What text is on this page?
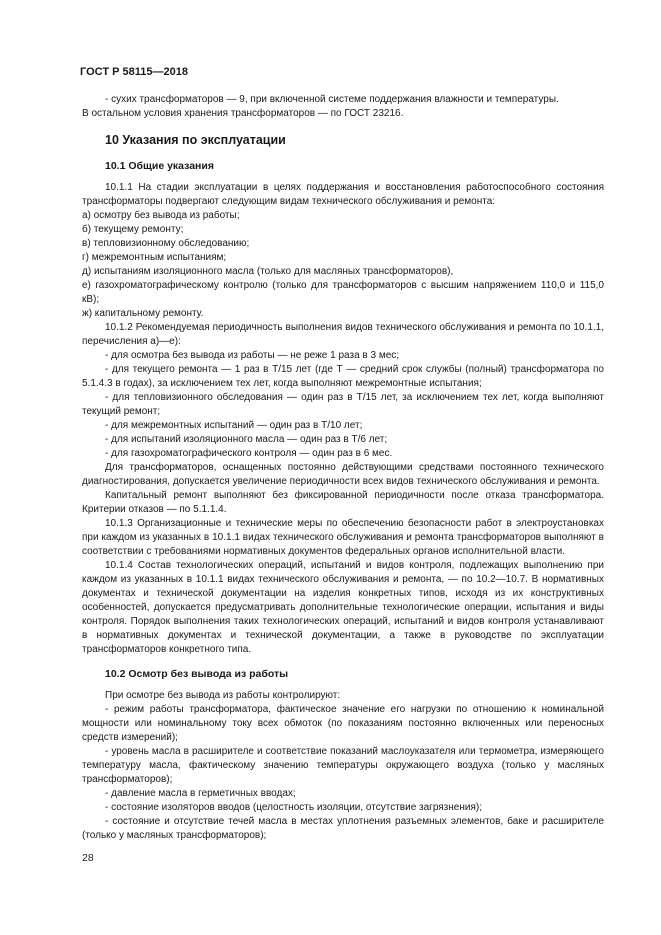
ГОСТ Р 58115—2018

- сухих трансформаторов — 9, при включенной системе поддержания влажности и температуры.

В остальном условия хранения трансформаторов — по ГОСТ 23216.

10 Указания по эксплуатации
10.1 Общие указания

10.1.1 На стадии эксплуатации в целях поддержания и восстановления работоспособного состояния трансформаторы подвергают следующим видам технического обслуживания и ремонта:

а) осмотру без вывода из работы;

б) текущему ремонту;

в) тепловизионному обследованию;

г) межремонтным испытаниям;

д) испытаниям изоляционного масла (только для масляных трансформаторов),

е) газохроматографическому контролю (только для трансформаторов с высшим напряжением 110,0 и 115,0 кВ);

ж) капитальному ремонту.

10.1.2 Рекомендуемая периодичность выполнения видов технического обслуживания и ремонта по 10.1.1, перечисления а)—е):

- для осмотра без вывода из работы — не реже 1 раза в 3 мес;

- для текущего ремонта — 1 раз в T/15 лет (где Т — средний срок службы (полный) трансформатора по 5.1.4.3 в годах), за исключением тех лет, когда выполняют межремонтные испытания;

- для тепловизионного обследования — один раз в T/15 лет, за исключением тех лет, когда выполняют текущий ремонт;

- для межремонтных испытаний — один раз в T/10 лет;

- для испытаний изоляционного масла — один раз в T/6 лет;

- для газохроматографического контроля — один раз в 6 мес.

Для трансформаторов, оснащенных постоянно действующими средствами постоянного технического диагностирования, допускается увеличение периодичности всех видов технического обслуживания и ремонта.

Капитальный ремонт выполняют без фиксированной периодичности после отказа трансформатора. Критерии отказов — по 5.1.1.4.

10.1.3 Организационные и технические меры по обеспечению безопасности работ в электроустановках при каждом из указанных в 10.1.1 видах технического обслуживания и ремонта трансформаторов выполняют в соответствии с требованиями нормативных документов федеральных органов исполнительной власти.

10.1.4 Состав технологических операций, испытаний и видов контроля, подлежащих выполнению при каждом из указанных в 10.1.1 видах технического обслуживания и ремонта, — по 10.2—10.7. В нормативных документах и технической документации на изделия конкретных типов, исходя из их конструктивных особенностей, допускается предусматривать дополнительные технологические операции, испытания и виды контроля. Порядок выполнения таких технологических операций, испытаний и видов контроля устанавливают в нормативных документах и технической документации, а также в руководстве по эксплуатации трансформаторов конкретного типа.

10.2 Осмотр без вывода из работы

При осмотре без вывода из работы контролируют:

- режим работы трансформатора, фактическое значение его нагрузки по отношению к номинальной мощности или номинальному току всех обмоток (по показаниям постоянно включенных или переносных средств измерений);

- уровень масла в расширителе и соответствие показаний маслоуказателя или термометра, измеряющего температуру масла, фактическому значению температуры окружающего воздуха (только у масляных трансформаторов);

- давление масла в герметичных вводах;

- состояние изоляторов вводов (целостность изоляции, отсутствие загрязнения);

- состояние и отсутствие течей масла в местах уплотнения разъемных элементов, баке и расширителе (только у масляных трансформаторов);

28
